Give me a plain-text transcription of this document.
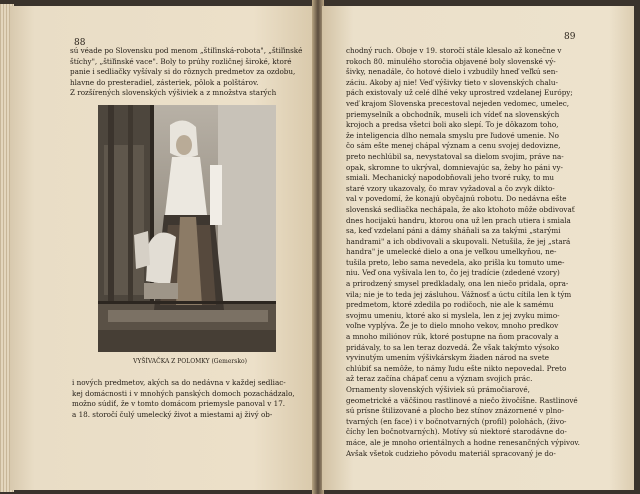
88
sú véade po Slovensku pod menom „štiľinská-robota", „štiľinské
štíchy", „štiľinské vace". Boly to prúhy rozličnej široké, ktoré
panie i sedliačky vyšívaly si do rôznych predmetov za ozdobu,
hlavne do presteradiel, zásteriek, pôlok a polštárov.
Z rozšírených slovenských výšiviek a z množstva starých
VYŠÍVAČKA Z POLOMKY (Gemersko)
i nových predmetov, akých sa do nedávna v každej sedliac-
kej domácnosti i v mnohých panských domoch pozachádzalo,
možno súdiť, že v tomto domácom priemysle panoval v 17.
a 18. storočí čulý umelecký život a miestami aj živý ob-
89
chodný ruch. Oboje v 19. storočí stále klesalo až konečne v
rokoch 80. minulého storočia objavené boly slovenské vý-
šivky, nenadále, čo hotové dielo i vzbudily hneď veľkú sen-
záciu. Akoby aj nie! Veď výšivky tieto v slovenských chalu-
pách existovaly už celé dlhé veky uprostred vzdelanej Európy;
veď krajom Slovenska precestoval nejeden vedomec, umelec,
priemyselník a obchodník, museli ich vídeť na slovenských
krojoch a predsa všetci boli ako slepí. To je dôkazom toho,
že inteligencia dlho nemala smyslu pre ľudové umenie. No
čo sám ešte menej chápal význam a cenu svojej dedovizne,
preto nechlúbil sa, nevystatoval sa dielom svojim, práve na-
opak, skromne to ukrýval, domnievajúc sa, žeby ho páni vy-
smiali. Mechanický napodobňovali jeho tvoré ruky, to mu
staré vzory ukazovaly, čo mrav vyžadoval a čo zvyk dikto-
val v povedomí, že konajú obyčajnú robotu. Do nedávna ešte
slovenská sedliačka nechápala, že ako ktohoto môže obdivovať
dnes hocijakú handru, ktorou ona už len prach utiera i smiala
sa, keď vzdelaní páni a dámy sháňali sa za takými „starými
handrami" a ich obdivovali a skupovali. Netušila, že jej „stará
handra" je umelecké dielo a ona je veľkou umelkyňou, ne-
tušila preto, lebo sama nevedela, ako prišla ku tomuto ume-
niu. Veď ona vyšívala len to, čo jej tradície (zdedené vzory)
a prirodzený smysel predkladaly, ona len niečo pridala, opra-
vila; nie je to teda jej zásluhou. Vážnosť a úctu cítila len k tým
predmetom, ktoré zdedila po rodičoch, nie ale k samému
svojmu umeniu, ktoré ako si myslela, len z jej zvyku mimo-
voľne vyplýva. Že je to dielo mnoho vekov, mnoho predkov
a mnoho miliónov rúk, ktoré postupne na ňom pracovaly a
pridávaly, to sa len teraz dozvedá. Že však takýmto výsoko
vyvinutým umením výšivkárskym žiaden národ na svete
chlúbiť sa nemôže, to námy ľudu ešte nikto nepovedal. Preto
až teraz začína chápať cenu a význam svojich prác.
Ornamenty slovenských výšiviek sú prámočiarové,
geometrické a väčšinou rastlinové a niečo živočíšne. Rastlinové
sú prísne štilizované a plocho bez stínov znázornené v plno-
tvarných (en face) i v bočnotvarných (profil) polohách, (živo-
číchy len bočnotvarných). Motívy sú niektoré starodávne do-
máce, ale je mnoho orientálnych a hodne renesančných výpivov.
Avšak všetok cudzieho pôvodu materiál spracovaný je do-
